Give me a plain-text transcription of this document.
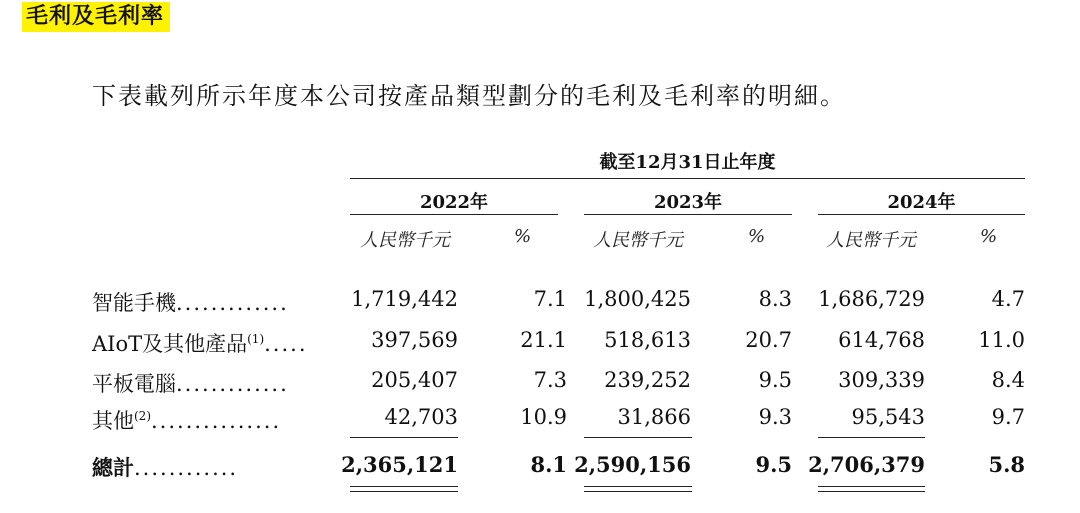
毛利及毛利率
下表載列所示年度本公司按產品類型劃分的毛利及毛利率的明細。
截至12月31日止年度
2022年	2023年	2024年
人民幣千元	%	人民幣千元	%	人民幣千元	%
智能手機.............	1,719,442	7.1 1,800,425	8.3 1,686,729	4.7
AIoT及其他產品$^{(1)}$.....	397,569	21.1 518,613	20.7 614,768	11.0
平板電腦.............	205,407	7.3 239,252	9.5 309,339	8.4
其他$^{(2)}$...............	42,703	10.9 31,866	9.3	95,543	9.7
總計............	2,365,121	8.1 2,590,156	9.5 2,706,379	5.8
